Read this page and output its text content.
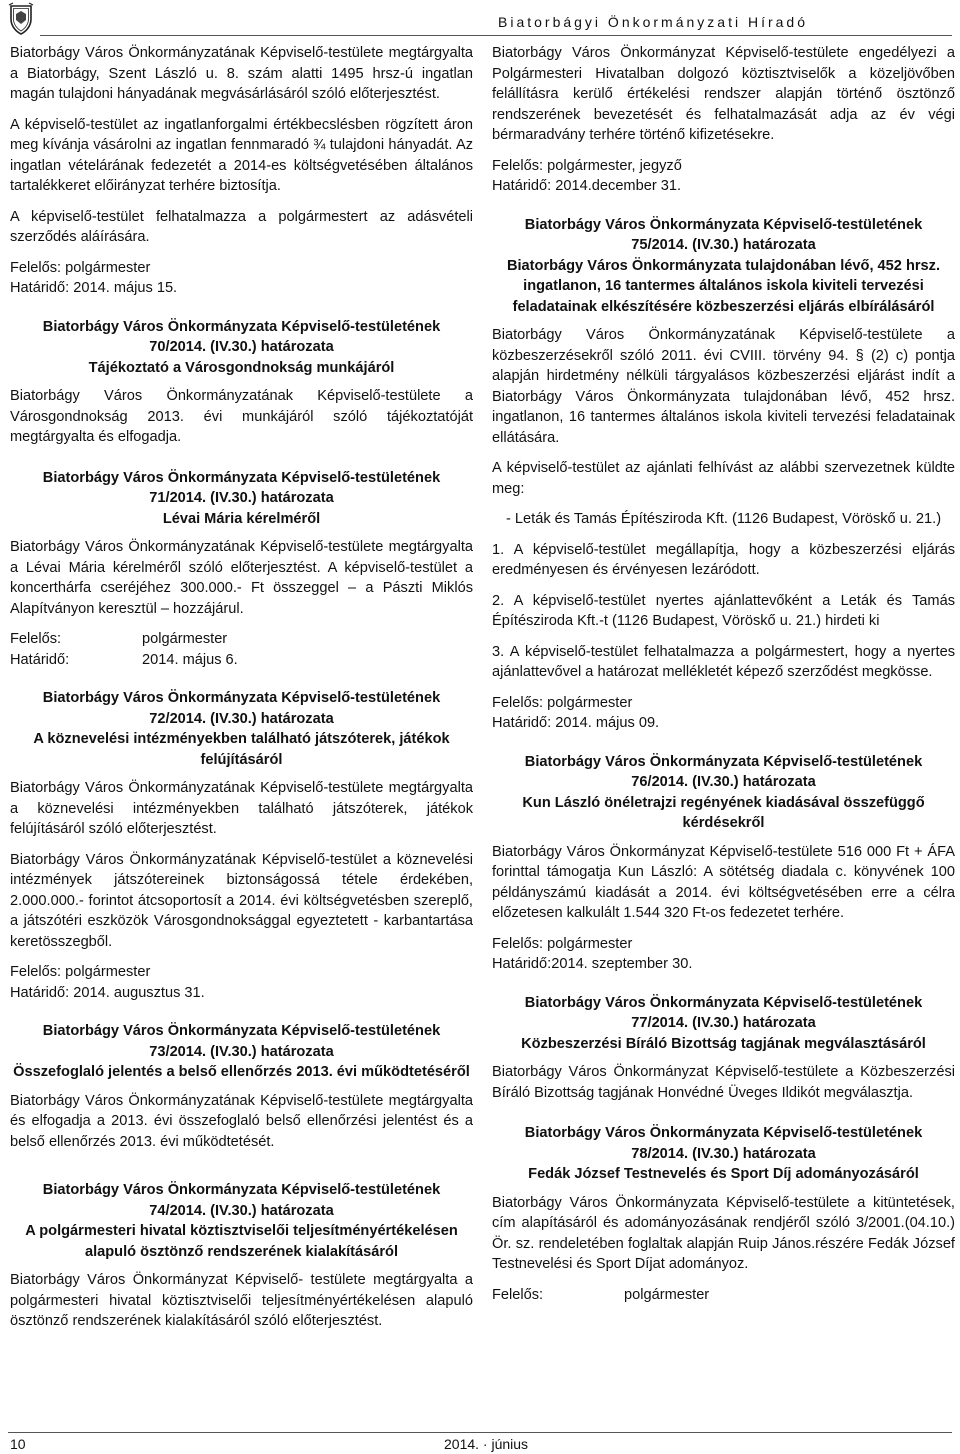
Biatorbágyi Önkormányzati Híradó

Biatorbágy Város Önkormányzatának Képviselő-testülete megtárgyalta a Biatorbágy, Szent László u. 8. szám alatti 1495 hrsz-ú ingatlan magán tulajdoni hányadának megvásárlásáról szóló előterjesztést.

A képviselő-testület az ingatlanforgalmi értékbecslésben rögzített áron meg kívánja vásárolni az ingatlan fennmaradó ¾ tulajdoni hányadát. Az ingatlan vételárának fedezetét a 2014-es költségvetésében általános tartalékkeret előirányzat terhére biztosítja.

A képviselő-testület felhatalmazza a polgármestert az adásvételi szerződés aláírására.

Felelős: polgármester

Határidő: 2014. május 15.

Biatorbágy Város Önkormányzata Képviselő-testületének

70/2014. (IV.30.) határozata

Tájékoztató a Városgondnokság munkájáról

Biatorbágy Város Önkormányzatának Képviselő-testülete a Városgondnokság 2013. évi munkájáról szóló tájékoztatóját megtárgyalta és elfogadja.

Biatorbágy Város Önkormányzata Képviselő-testületének

71/2014. (IV.30.) határozata

Lévai Mária kérelméről

Biatorbágy Város Önkormányzatának Képviselő-testülete megtárgyalta a Lévai Mária kérelméről szóló előterjesztést. A képviselő-testület a koncerthárfa cseréjéhez 300.000.- Ft összeggel – a Pászti Miklós Alapítványon keresztül – hozzájárul.

Felelős:	polgármester
Határidő:	2014. május 6.

Biatorbágy Város Önkormányzata Képviselő-testületének

72/2014. (IV.30.) határozata

A köznevelési intézményekben található játszóterek, játékok felújításáról

Biatorbágy Város Önkormányzatának Képviselő-testülete megtárgyalta a köznevelési intézményekben található játszóterek, játékok felújításáról szóló előterjesztést.

Biatorbágy Város Önkormányzatának Képviselő-testület a köznevelési intézmények játszótereinek biztonságossá tétele érdekében, 2.000.000.- forintot átcsoportosít a 2014. évi költségvetésben szereplő, a játszótéri eszközök Városgondnoksággal egyeztetett - karbantartása keretösszegből.

Felelős: polgármester

Határidő: 2014. augusztus 31.

Biatorbágy Város Önkormányzata Képviselő-testületének

73/2014. (IV.30.) határozata

Összefoglaló jelentés a belső ellenőrzés 2013. évi működtetéséről

Biatorbágy Város Önkormányzatának Képviselő-testülete megtárgyalta és elfogadja a 2013. évi összefoglaló belső ellenőrzési jelentést és a belső ellenőrzés 2013. évi működtetését.

Biatorbágy Város Önkormányzata Képviselő-testületének

74/2014. (IV.30.) határozata

A polgármesteri hivatal köztisztviselői teljesítményértékelésen alapuló ösztönző rendszerének kialakításáról

Biatorbágy Város Önkormányzat Képviselő- testülete megtárgyalta a polgármesteri hivatal köztisztviselői teljesítményértékelésen alapuló ösztönző rendszerének kialakításáról szóló előterjesztést.

Biatorbágy Város Önkormányzat Képviselő-testülete engedélyezi a Polgármesteri Hivatalban dolgozó köztisztviselők a közeljövőben felállításra kerülő értékelési rendszer alapján történő ösztönző rendszerének bevezetését és felhatalmazását adja az év végi bérmaradvány terhére történő kifizetésekre.

Felelős: polgármester, jegyző

Határidő: 2014.december 31.

Biatorbágy Város Önkormányzata Képviselő-testületének

75/2014. (IV.30.) határozata

Biatorbágy Város Önkormányzata tulajdonában lévő, 452 hrsz. ingatlanon, 16 tantermes általános iskola kiviteli tervezési feladatainak elkészítésére közbeszerzési eljárás elbírálásáról

Biatorbágy Város Önkormányzatának Képviselő-testülete a közbeszerzésekről szóló 2011. évi CVIII. törvény 94. § (2) c) pontja alapján hirdetmény nélküli tárgyalásos közbeszerzési eljárást indít a Biatorbágy Város Önkormányzata tulajdonában lévő, 452 hrsz. ingatlanon, 16 tantermes általános iskola kiviteli tervezési feladatainak ellátására.

A képviselő-testület az ajánlati felhívást az alábbi szervezetnek küldte meg:

- Leták és Tamás Építésziroda Kft. (1126 Budapest, Vöröskő u. 21.)

1. A képviselő-testület megállapítja, hogy a közbeszerzési eljárás eredményesen és érvényesen lezáródott.

2. A képviselő-testület nyertes ajánlattevőként a Leták és Tamás Építésziroda Kft.-t (1126 Budapest, Vöröskő u. 21.) hirdeti ki

3. A képviselő-testület felhatalmazza a polgármestert, hogy a nyertes ajánlattevővel a határozat mellékletét képező szerződést megkösse.

Felelős: polgármester

Határidő: 2014. május 09.

Biatorbágy Város Önkormányzata Képviselő-testületének

76/2014. (IV.30.) határozata

Kun László önéletrajzi regényének kiadásával összefüggő kérdésekről

Biatorbágy Város Önkormányzat Képviselő-testülete 516 000 Ft + ÁFA forinttal támogatja Kun László: A sötétség diadala c. könyvének 100 példányszámú kiadását a 2014. évi költségvetésében erre a célra előzetesen kalkulált 1.544 320 Ft-os fedezetet terhére.

Felelős: polgármester

Határidő:2014. szeptember 30.

Biatorbágy Város Önkormányzata Képviselő-testületének

77/2014. (IV.30.) határozata

Közbeszerzési Bíráló Bizottság tagjának megválasztásáról

Biatorbágy Város Önkormányzat Képviselő-testülete a Közbeszerzési Bíráló Bizottság tagjának Honvédné Üveges Ildikót megválasztja.

Biatorbágy Város Önkormányzata Képviselő-testületének

78/2014. (IV.30.) határozata

Fedák József Testnevelés és Sport Díj adományozásáról

Biatorbágy Város Önkormányzata Képviselő-testülete a kitüntetések, cím alapításáról és adományozásának rendjéről szóló 3/2001.(04.10.) Ör. sz. rendeletében foglaltak alapján Ruip János.részére Fedák József Testnevelési és Sport Díjat adományoz.

Felelős:	polgármester
10	2014. · június
